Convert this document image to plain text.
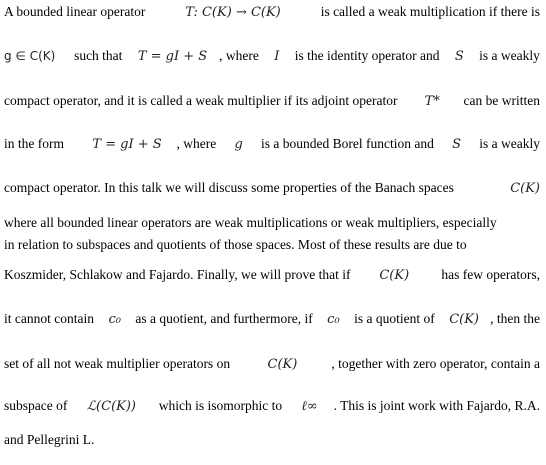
A bounded linear operator	T: C(K) → C(K)	is called a weak multiplication if there is
g ∈ C(K) such that T = gI + S , where I is the identity operator and S is a weakly
compact operator, and it is called a weak multiplier if its adjoint operator T* can be written
in the form T = gI + S , where g is a bounded Borel function and S is a weakly
compact operator. In this talk we will discuss some properties of the Banach spaces	C(K)
where all bounded linear operators are weak multiplications or weak multipliers, especially
in relation to subspaces and quotients of those spaces. Most of these results are due to
Koszmider, Schlakow and Fajardo. Finally, we will prove that if C(K) has few operators,
it cannot contain c₀ as a quotient, and furthermore, if c₀ is a quotient of C(K) , then the
set of all not weak multiplier operators on	C(K)	, together with zero operator, contain a
subspace of ℒ(C(K)) which is isomorphic to ℓ∞ . This is joint work with Fajardo, R.A.
and Pellegrini L.
